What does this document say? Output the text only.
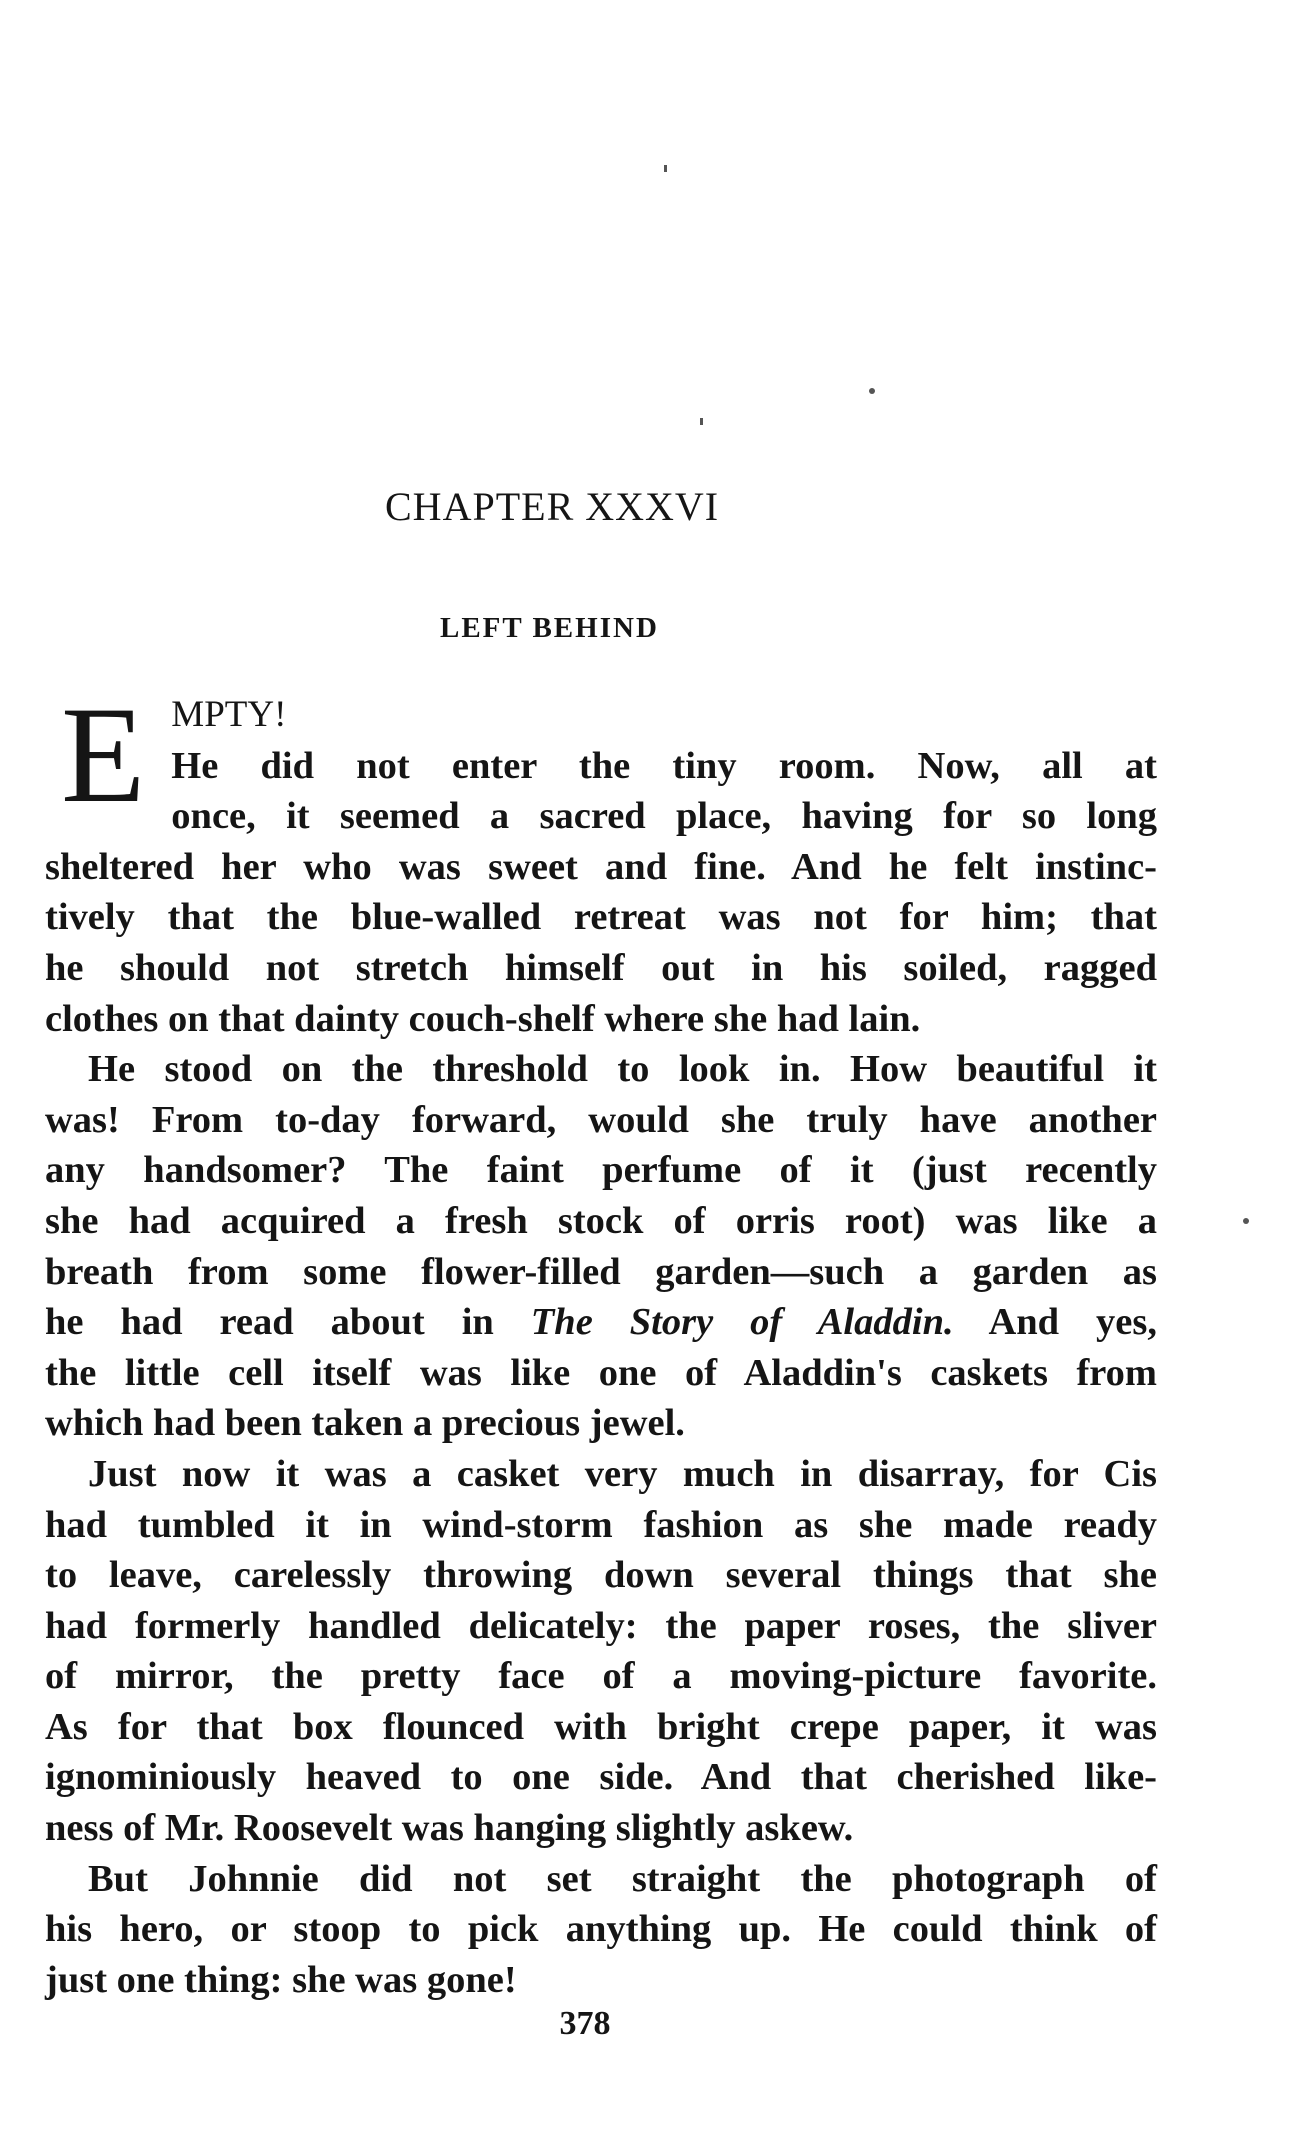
CHAPTER XXXVI
LEFT BEHIND
E MPTY!
He did not enter the tiny room. Now, all at
once, it seemed a sacred place, having for so long
sheltered her who was sweet and fine. And he felt instinc-
tively that the blue-walled retreat was not for him; that
he should not stretch himself out in his soiled, ragged
clothes on that dainty couch-shelf where she had lain.
He stood on the threshold to look in. How beautiful it
was! From to-day forward, would she truly have another
any handsomer? The faint perfume of it (just recently
she had acquired a fresh stock of orris root) was like a
breath from some flower-filled garden—such a garden as
he had read about in The Story of Aladdin. And yes,
the little cell itself was like one of Aladdin's caskets from
which had been taken a precious jewel.
Just now it was a casket very much in disarray, for Cis
had tumbled it in wind-storm fashion as she made ready
to leave, carelessly throwing down several things that she
had formerly handled delicately: the paper roses, the sliver
of mirror, the pretty face of a moving-picture favorite.
As for that box flounced with bright crepe paper, it was
ignominiously heaved to one side. And that cherished like-
ness of Mr. Roosevelt was hanging slightly askew.
But Johnnie did not set straight the photograph of
his hero, or stoop to pick anything up. He could think of
just one thing: she was gone!
378
